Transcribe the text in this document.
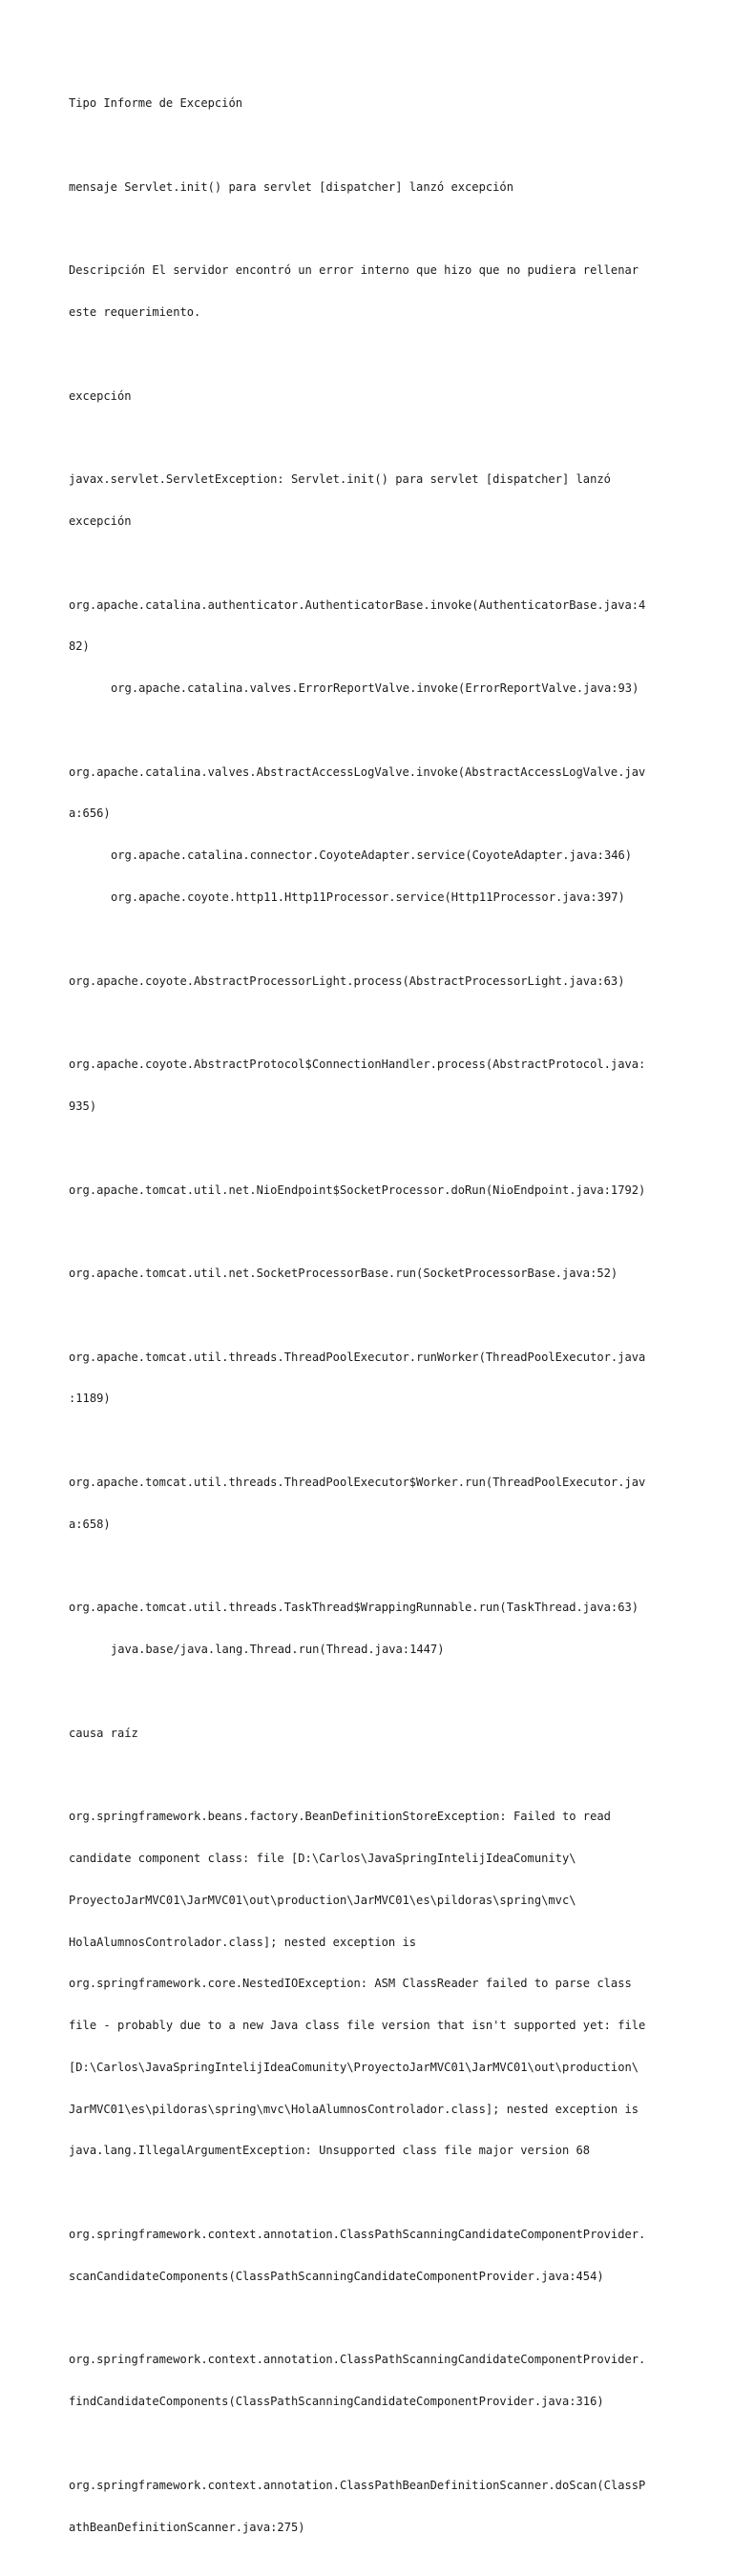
Tipo Informe de Excepción

mensaje Servlet.init() para servlet [dispatcher] lanzó excepción

Descripción El servidor encontró un error interno que hizo que no pudiera rellenar

este requerimiento.

excepción

javax.servlet.ServletException: Servlet.init() para servlet [dispatcher] lanzó

excepción

org.apache.catalina.authenticator.AuthenticatorBase.invoke(AuthenticatorBase.java:4

82)

org.apache.catalina.valves.ErrorReportValve.invoke(ErrorReportValve.java:93)

org.apache.catalina.valves.AbstractAccessLogValve.invoke(AbstractAccessLogValve.jav

a:656)

org.apache.catalina.connector.CoyoteAdapter.service(CoyoteAdapter.java:346)

org.apache.coyote.http11.Http11Processor.service(Http11Processor.java:397)

org.apache.coyote.AbstractProcessorLight.process(AbstractProcessorLight.java:63)

org.apache.coyote.AbstractProtocol$ConnectionHandler.process(AbstractProtocol.java:

935)

org.apache.tomcat.util.net.NioEndpoint$SocketProcessor.doRun(NioEndpoint.java:1792)

org.apache.tomcat.util.net.SocketProcessorBase.run(SocketProcessorBase.java:52)

org.apache.tomcat.util.threads.ThreadPoolExecutor.runWorker(ThreadPoolExecutor.java

:1189)

org.apache.tomcat.util.threads.ThreadPoolExecutor$Worker.run(ThreadPoolExecutor.jav

a:658)

org.apache.tomcat.util.threads.TaskThread$WrappingRunnable.run(TaskThread.java:63)

java.base/java.lang.Thread.run(Thread.java:1447)

causa raíz

org.springframework.beans.factory.BeanDefinitionStoreException: Failed to read

candidate component class: file [D:\Carlos\JavaSpringIntelijIdeaComunity\

ProyectoJarMVC01\JarMVC01\out\production\JarMVC01\es\pildoras\spring\mvc\

HolaAlumnosControlador.class]; nested exception is

org.springframework.core.NestedIOException: ASM ClassReader failed to parse class

file - probably due to a new Java class file version that isn't supported yet: file

[D:\Carlos\JavaSpringIntelijIdeaComunity\ProyectoJarMVC01\JarMVC01\out\production\

JarMVC01\es\pildoras\spring\mvc\HolaAlumnosControlador.class]; nested exception is

java.lang.IllegalArgumentException: Unsupported class file major version 68

org.springframework.context.annotation.ClassPathScanningCandidateComponentProvider.

scanCandidateComponents(ClassPathScanningCandidateComponentProvider.java:454)

org.springframework.context.annotation.ClassPathScanningCandidateComponentProvider.

findCandidateComponents(ClassPathScanningCandidateComponentProvider.java:316)

org.springframework.context.annotation.ClassPathBeanDefinitionScanner.doScan(ClassP

athBeanDefinitionScanner.java:275)
